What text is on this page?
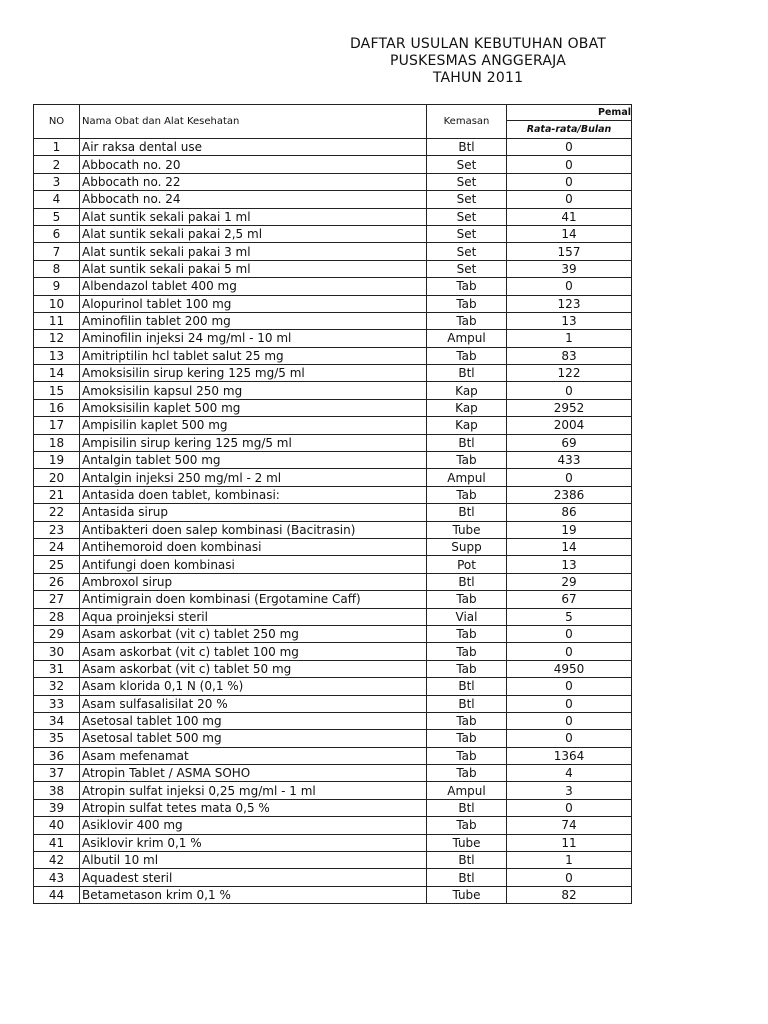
DAFTAR USULAN KEBUTUHAN OBAT
PUSKESMAS ANGGERAJA
TAHUN 2011
NO	Nama Obat dan Alat Kesehatan	Kemasan	Pemal
			Rata-rata/Bulan
1	Air raksa dental use	Btl	0
2	Abbocath no. 20	Set	0
3	Abbocath no. 22	Set	0
4	Abbocath no. 24	Set	0
5	Alat suntik sekali pakai 1 ml	Set	41
6	Alat suntik sekali pakai 2,5 ml	Set	14
7	Alat suntik sekali pakai 3 ml	Set	157
8	Alat suntik sekali pakai 5 ml	Set	39
9	Albendazol tablet 400 mg	Tab	0
10	Alopurinol tablet 100 mg	Tab	123
11	Aminofilin tablet 200 mg	Tab	13
12	Aminofilin injeksi 24 mg/ml - 10 ml	Ampul	1
13	Amitriptilin hcl tablet salut 25 mg	Tab	83
14	Amoksisilin sirup kering 125 mg/5 ml	Btl	122
15	Amoksisilin kapsul 250 mg	Kap	0
16	Amoksisilin kaplet 500 mg	Kap	2952
17	Ampisilin kaplet 500 mg	Kap	2004
18	Ampisilin sirup kering 125 mg/5 ml	Btl	69
19	Antalgin tablet 500 mg	Tab	433
20	Antalgin injeksi 250 mg/ml - 2 ml	Ampul	0
21	Antasida doen tablet, kombinasi:	Tab	2386
22	Antasida sirup	Btl	86
23	Antibakteri doen salep kombinasi (Bacitrasin)	Tube	19
24	Antihemoroid doen kombinasi	Supp	14
25	Antifungi doen kombinasi	Pot	13
26	Ambroxol sirup	Btl	29
27	Antimigrain doen kombinasi (Ergotamine Caff)	Tab	67
28	Aqua proinjeksi steril	Vial	5
29	Asam askorbat (vit c) tablet 250 mg	Tab	0
30	Asam askorbat (vit c) tablet 100 mg	Tab	0
31	Asam askorbat (vit c) tablet 50 mg	Tab	4950
32	Asam klorida 0,1 N (0,1 %)	Btl	0
33	Asam sulfasalisilat 20 %	Btl	0
34	Asetosal tablet 100 mg	Tab	0
35	Asetosal tablet 500 mg	Tab	0
36	Asam mefenamat	Tab	1364
37	Atropin Tablet / ASMA SOHO	Tab	4
38	Atropin sulfat injeksi 0,25 mg/ml - 1 ml	Ampul	3
39	Atropin sulfat tetes mata 0,5 %	Btl	0
40	Asiklovir 400 mg	Tab	74
41	Asiklovir krim 0,1 %	Tube	11
42	Albutil 10 ml	Btl	1
43	Aquadest steril	Btl	0
44	Betametason krim 0,1 %	Tube	82
